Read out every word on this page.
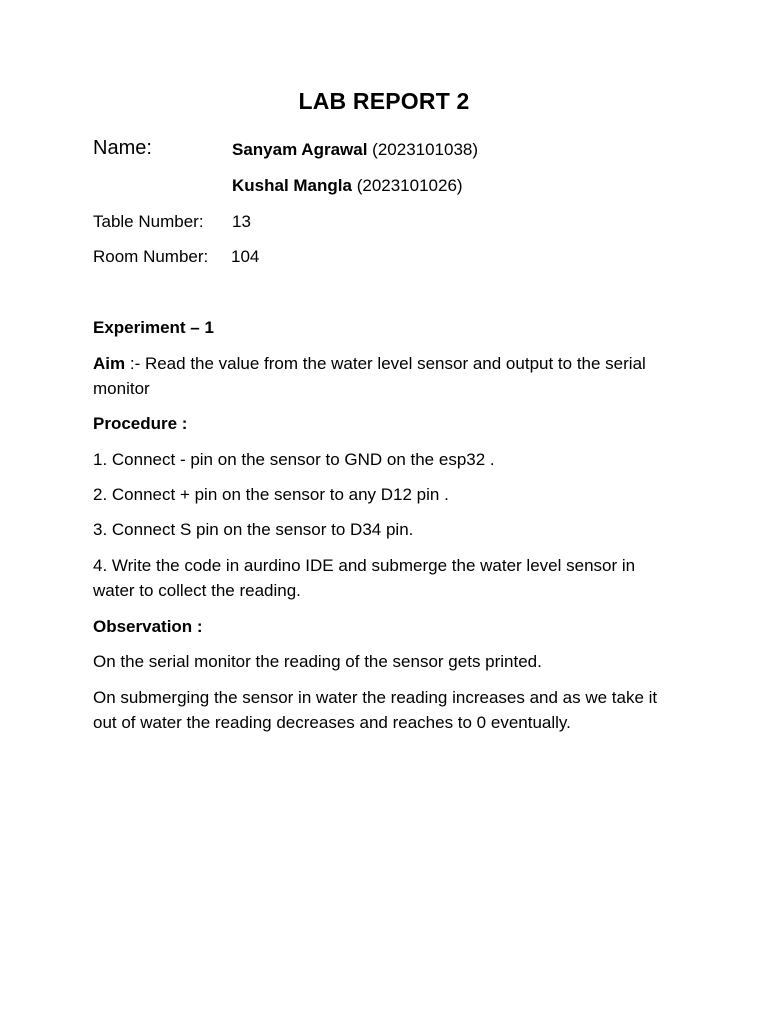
LAB REPORT 2
Name:	Sanyam Agrawal (2023101038)
Kushal Mangla (2023101026)
Table Number: 13
Room Number: 104
Experiment – 1
Aim :- Read the value from the water level sensor and output to the serial monitor
Procedure :
1. Connect - pin on the sensor to GND on the esp32 .
2. Connect + pin on the sensor to any D12 pin .
3. Connect S pin on the sensor to D34 pin.
4. Write the code in aurdino IDE and submerge the water level sensor in water to collect the reading.
Observation :
On the serial monitor the reading of the sensor gets printed.
On submerging the sensor in water the reading increases and as we take it out of water the reading decreases and reaches to 0 eventually.
